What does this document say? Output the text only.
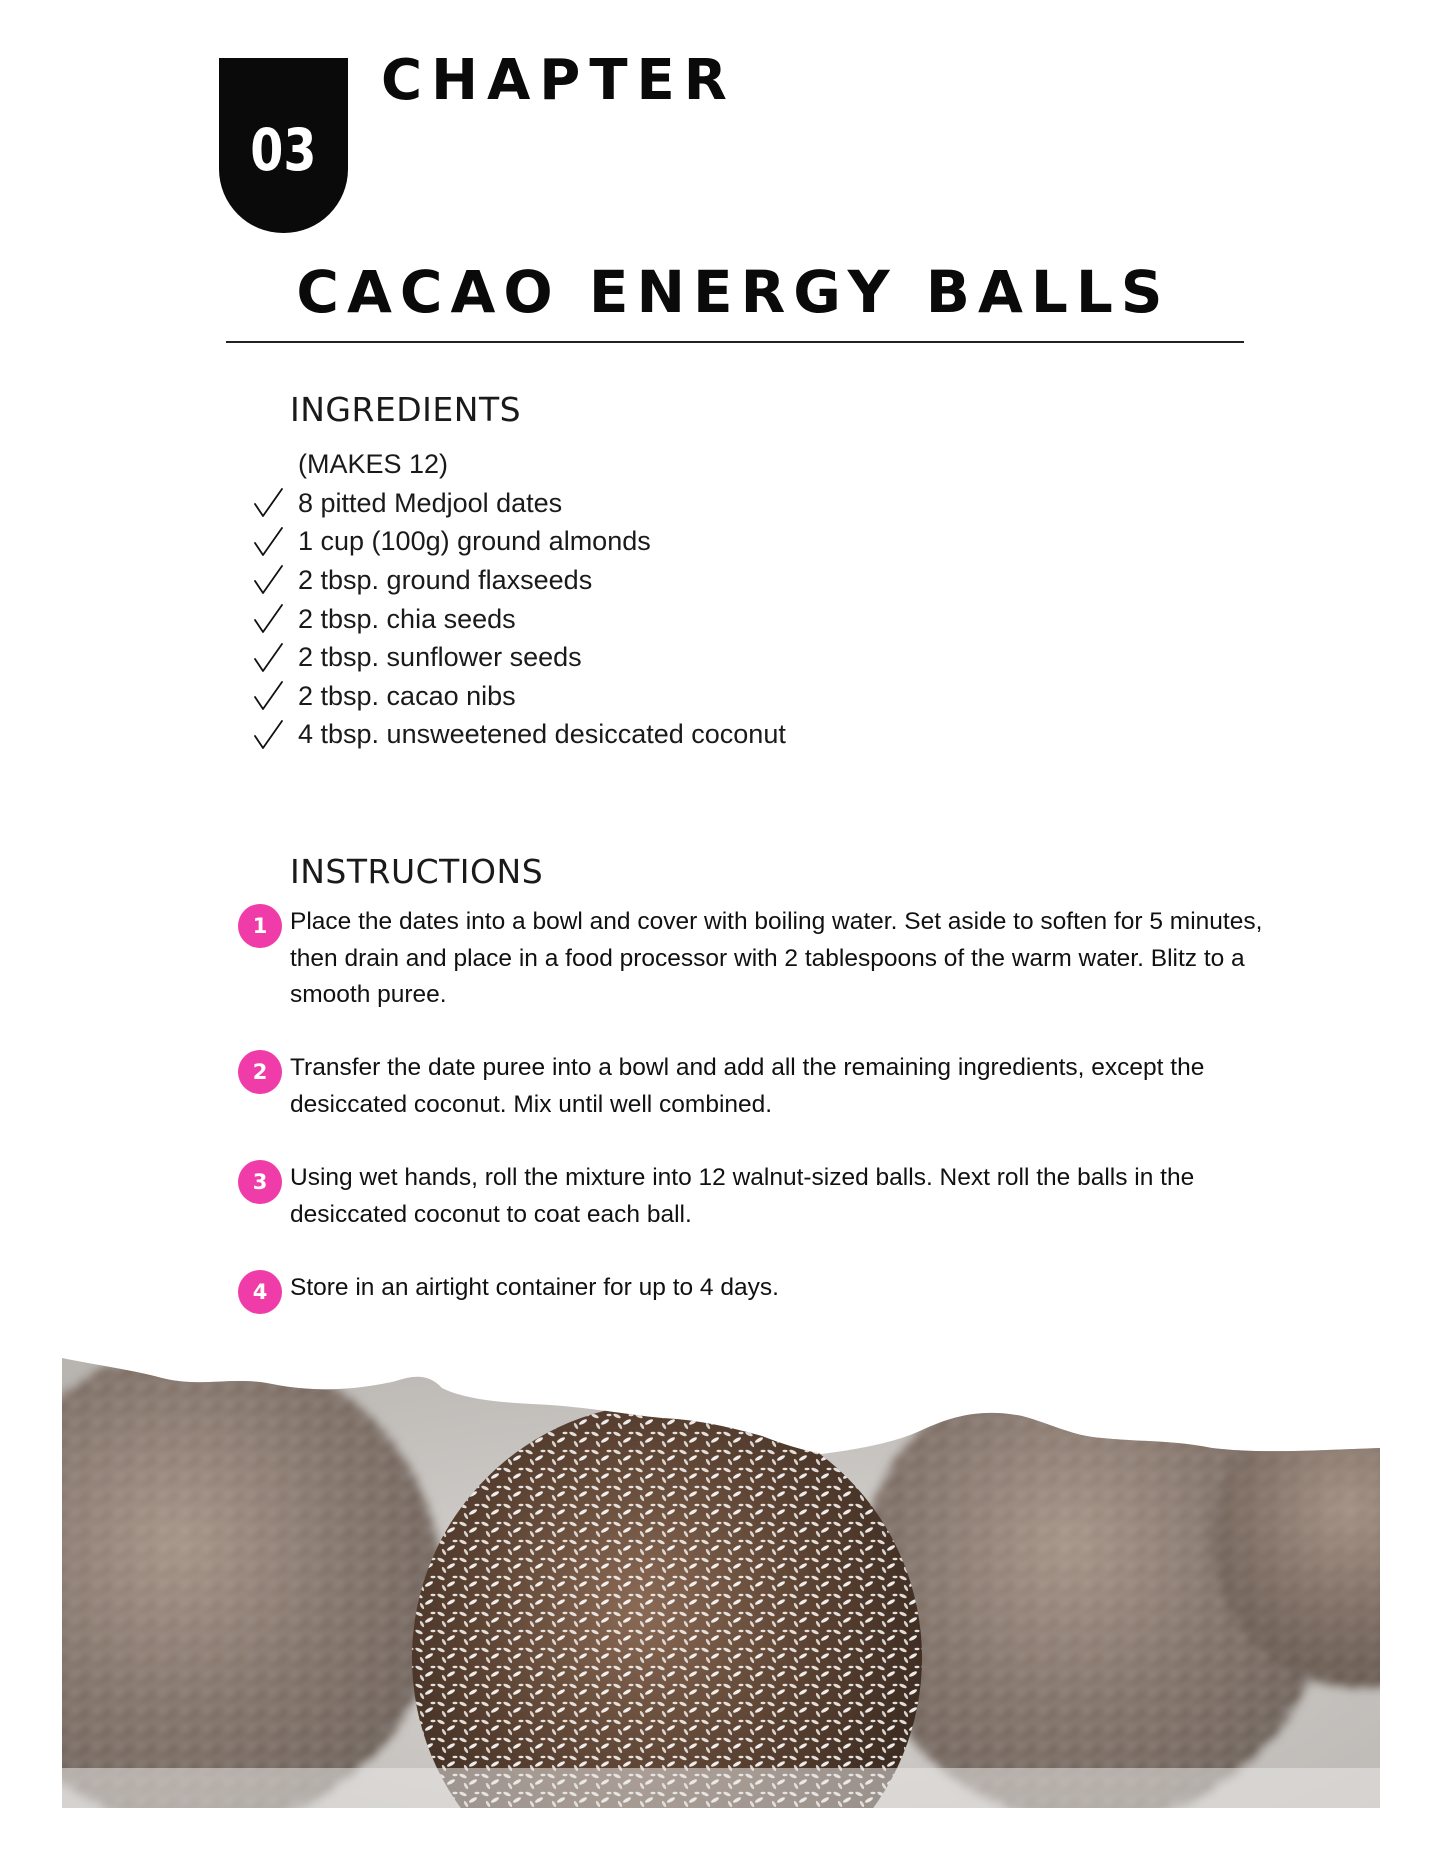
03
CHAPTER
CACAO ENERGY BALLS
INGREDIENTS
(MAKES 12)
8 pitted Medjool dates
1 cup (100g) ground almonds
2 tbsp. ground flaxseeds
2 tbsp. chia seeds
2 tbsp. sunflower seeds
2 tbsp. cacao nibs
4 tbsp. unsweetened desiccated coconut
INSTRUCTIONS
1 Place the dates into a bowl and cover with boiling water. Set aside to soften for 5 minutes, then drain and place in a food processor with 2 tablespoons of the warm water. Blitz to a smooth puree.
2 Transfer the date puree into a bowl and add all the remaining ingredients, except the desiccated coconut. Mix until well combined.
3 Using wet hands, roll the mixture into 12 walnut-sized balls. Next roll the balls in the desiccated coconut to coat each ball.
4 Store in an airtight container for up to 4 days.
